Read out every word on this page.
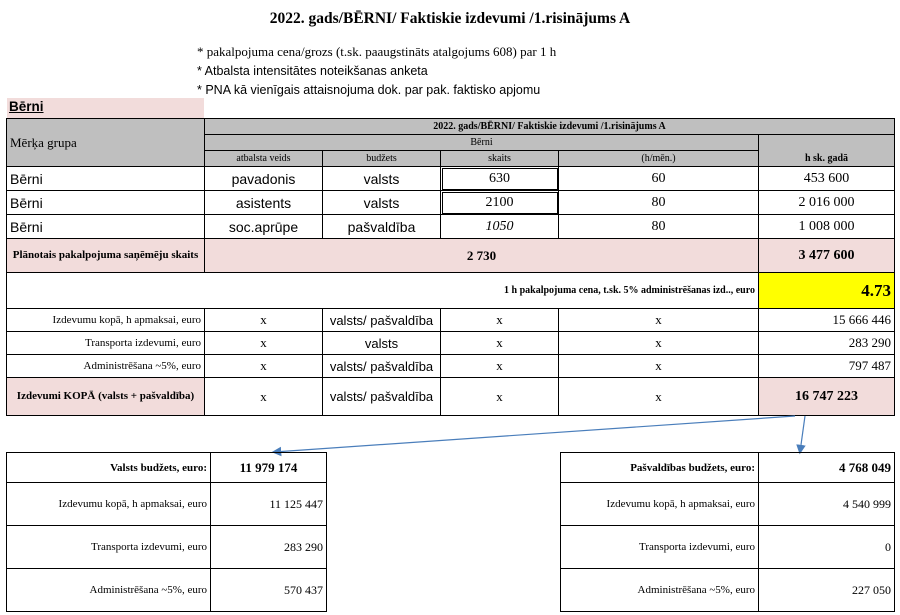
2022. gads/BĒRNI/ Faktiskie izdevumi /1.risinājums A
* pakalpojuma cena/grozs (t.sk. paaugstināts atalgojums 608) par 1 h
* Atbalsta intensitātes noteikšanas anketa
* PNA kā vienīgais attaisnojuma dok. par pak. faktisko apjomu
Bērni
Mērķa grupa	2022. gads/BĒRNI/ Faktiskie izdevumi /1.risinājums A				
	Bērni				h sk. gadā
	atbalsta veids	budžets	skaits	(h/mēn.)	
Bērni	pavadonis	valsts	630	60	453 600
Bērni	asistents	valsts	2100	80	2 016 000
Bērni	soc.aprūpe	pašvaldība	1050	80	1 008 000
Plānotais pakalpojuma saņēmēju skaits	2 730				3 477 600
1 h pakalpojuma cena, t.sk. 5% administrēšanas izd.., euro					4.73
Izdevumu kopā, h apmaksai, euro	x	valsts/ pašvaldība	x	x	15 666 446
Transporta izdevumi, euro	x	valsts	x	x	283 290
Administrēšana ~5%, euro	x	valsts/ pašvaldība	x	x	797 487
Izdevumi KOPĀ (valsts + pašvaldība)	x	valsts/ pašvaldība	x	x	16 747 223
Valsts budžets, euro:	11 979 174
Izdevumu kopā, h apmaksai, euro	11 125 447
Transporta izdevumi, euro	283 290
Administrēšana ~5%, euro	570 437
Pašvaldības budžets, euro:	4 768 049
Izdevumu kopā, h apmaksai, euro	4 540 999
Transporta izdevumi, euro	0
Administrēšana ~5%, euro	227 050
